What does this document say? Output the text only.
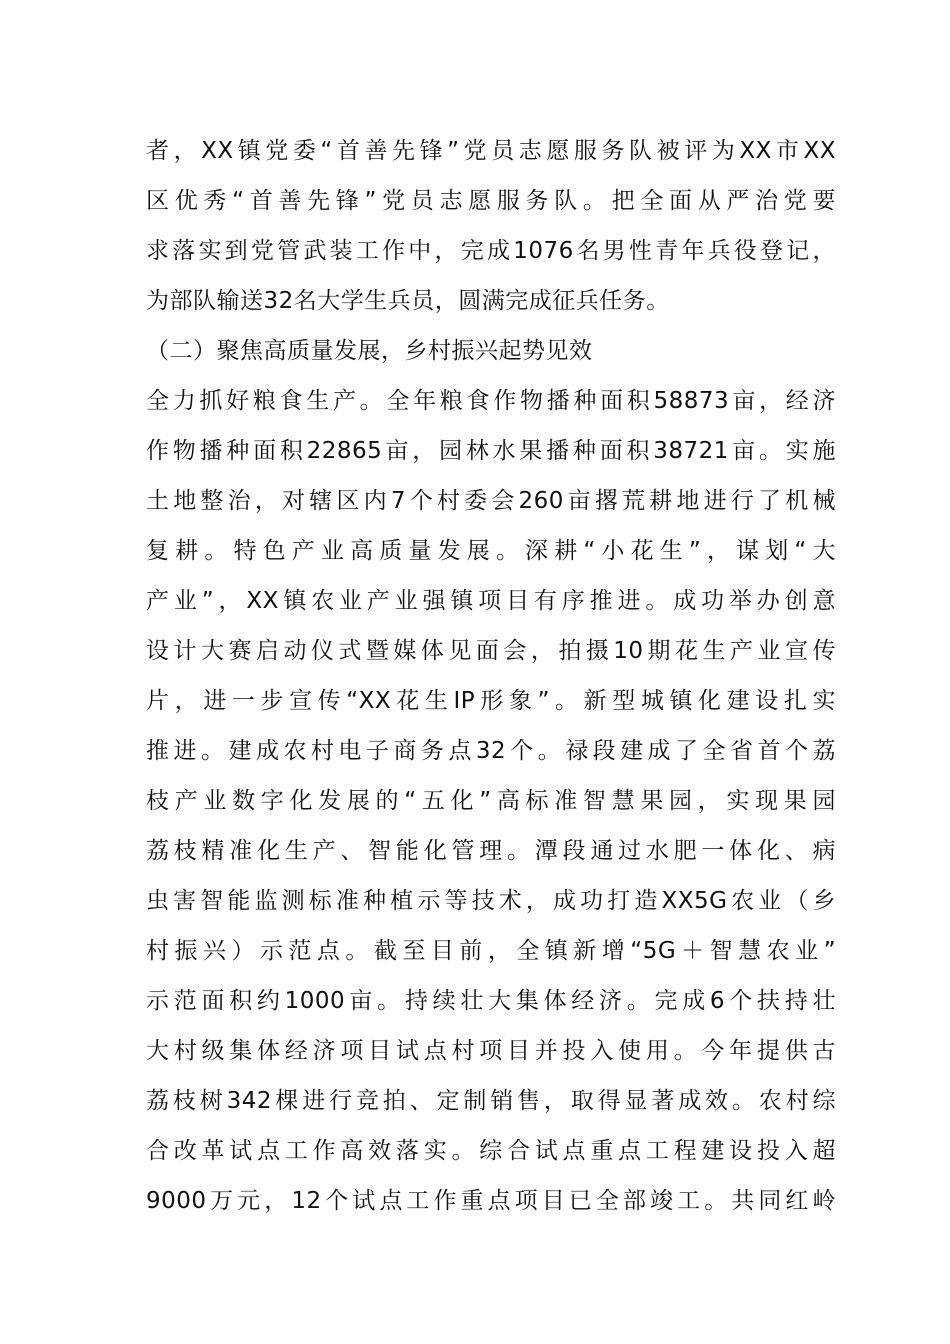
者，XX镇党委“首善先锋”党员志愿服务队被评为XX市XX
区优秀“首善先锋”党员志愿服务队。把全面从严治党要
求落实到党管武装工作中，完成1076名男性青年兵役登记，
为部队输送32名大学生兵员，圆满完成征兵任务。
（二）聚焦高质量发展，乡村振兴起势见效
全力抓好粮食生产。全年粮食作物播种面积58873亩，经济
作物播种面积22865亩，园林水果播种面积38721亩。实施
土地整治，对辖区内7个村委会260亩撂荒耕地进行了机械
复耕。特色产业高质量发展。深耕“小花生”，谋划“大
产业”，XX镇农业产业强镇项目有序推进。成功举办创意
设计大赛启动仪式暨媒体见面会，拍摄10期花生产业宣传
片，进一步宣传“XX花生IP形象”。新型城镇化建设扎实
推进。建成农村电子商务点32个。禄段建成了全省首个荔
枝产业数字化发展的“五化”高标准智慧果园，实现果园
荔枝精准化生产、智能化管理。潭段通过水肥一体化、病
虫害智能监测标准种植示等技术，成功打造XX5G农业（乡
村振兴）示范点。截至目前，全镇新增“5G＋智慧农业”
示范面积约1000亩。持续壮大集体经济。完成6个扶持壮
大村级集体经济项目试点村项目并投入使用。今年提供古
荔枝树342棵进行竞拍、定制销售，取得显著成效。农村综
合改革试点工作高效落实。综合试点重点工程建设投入超
9000万元，12个试点工作重点项目已全部竣工。共同红岭
